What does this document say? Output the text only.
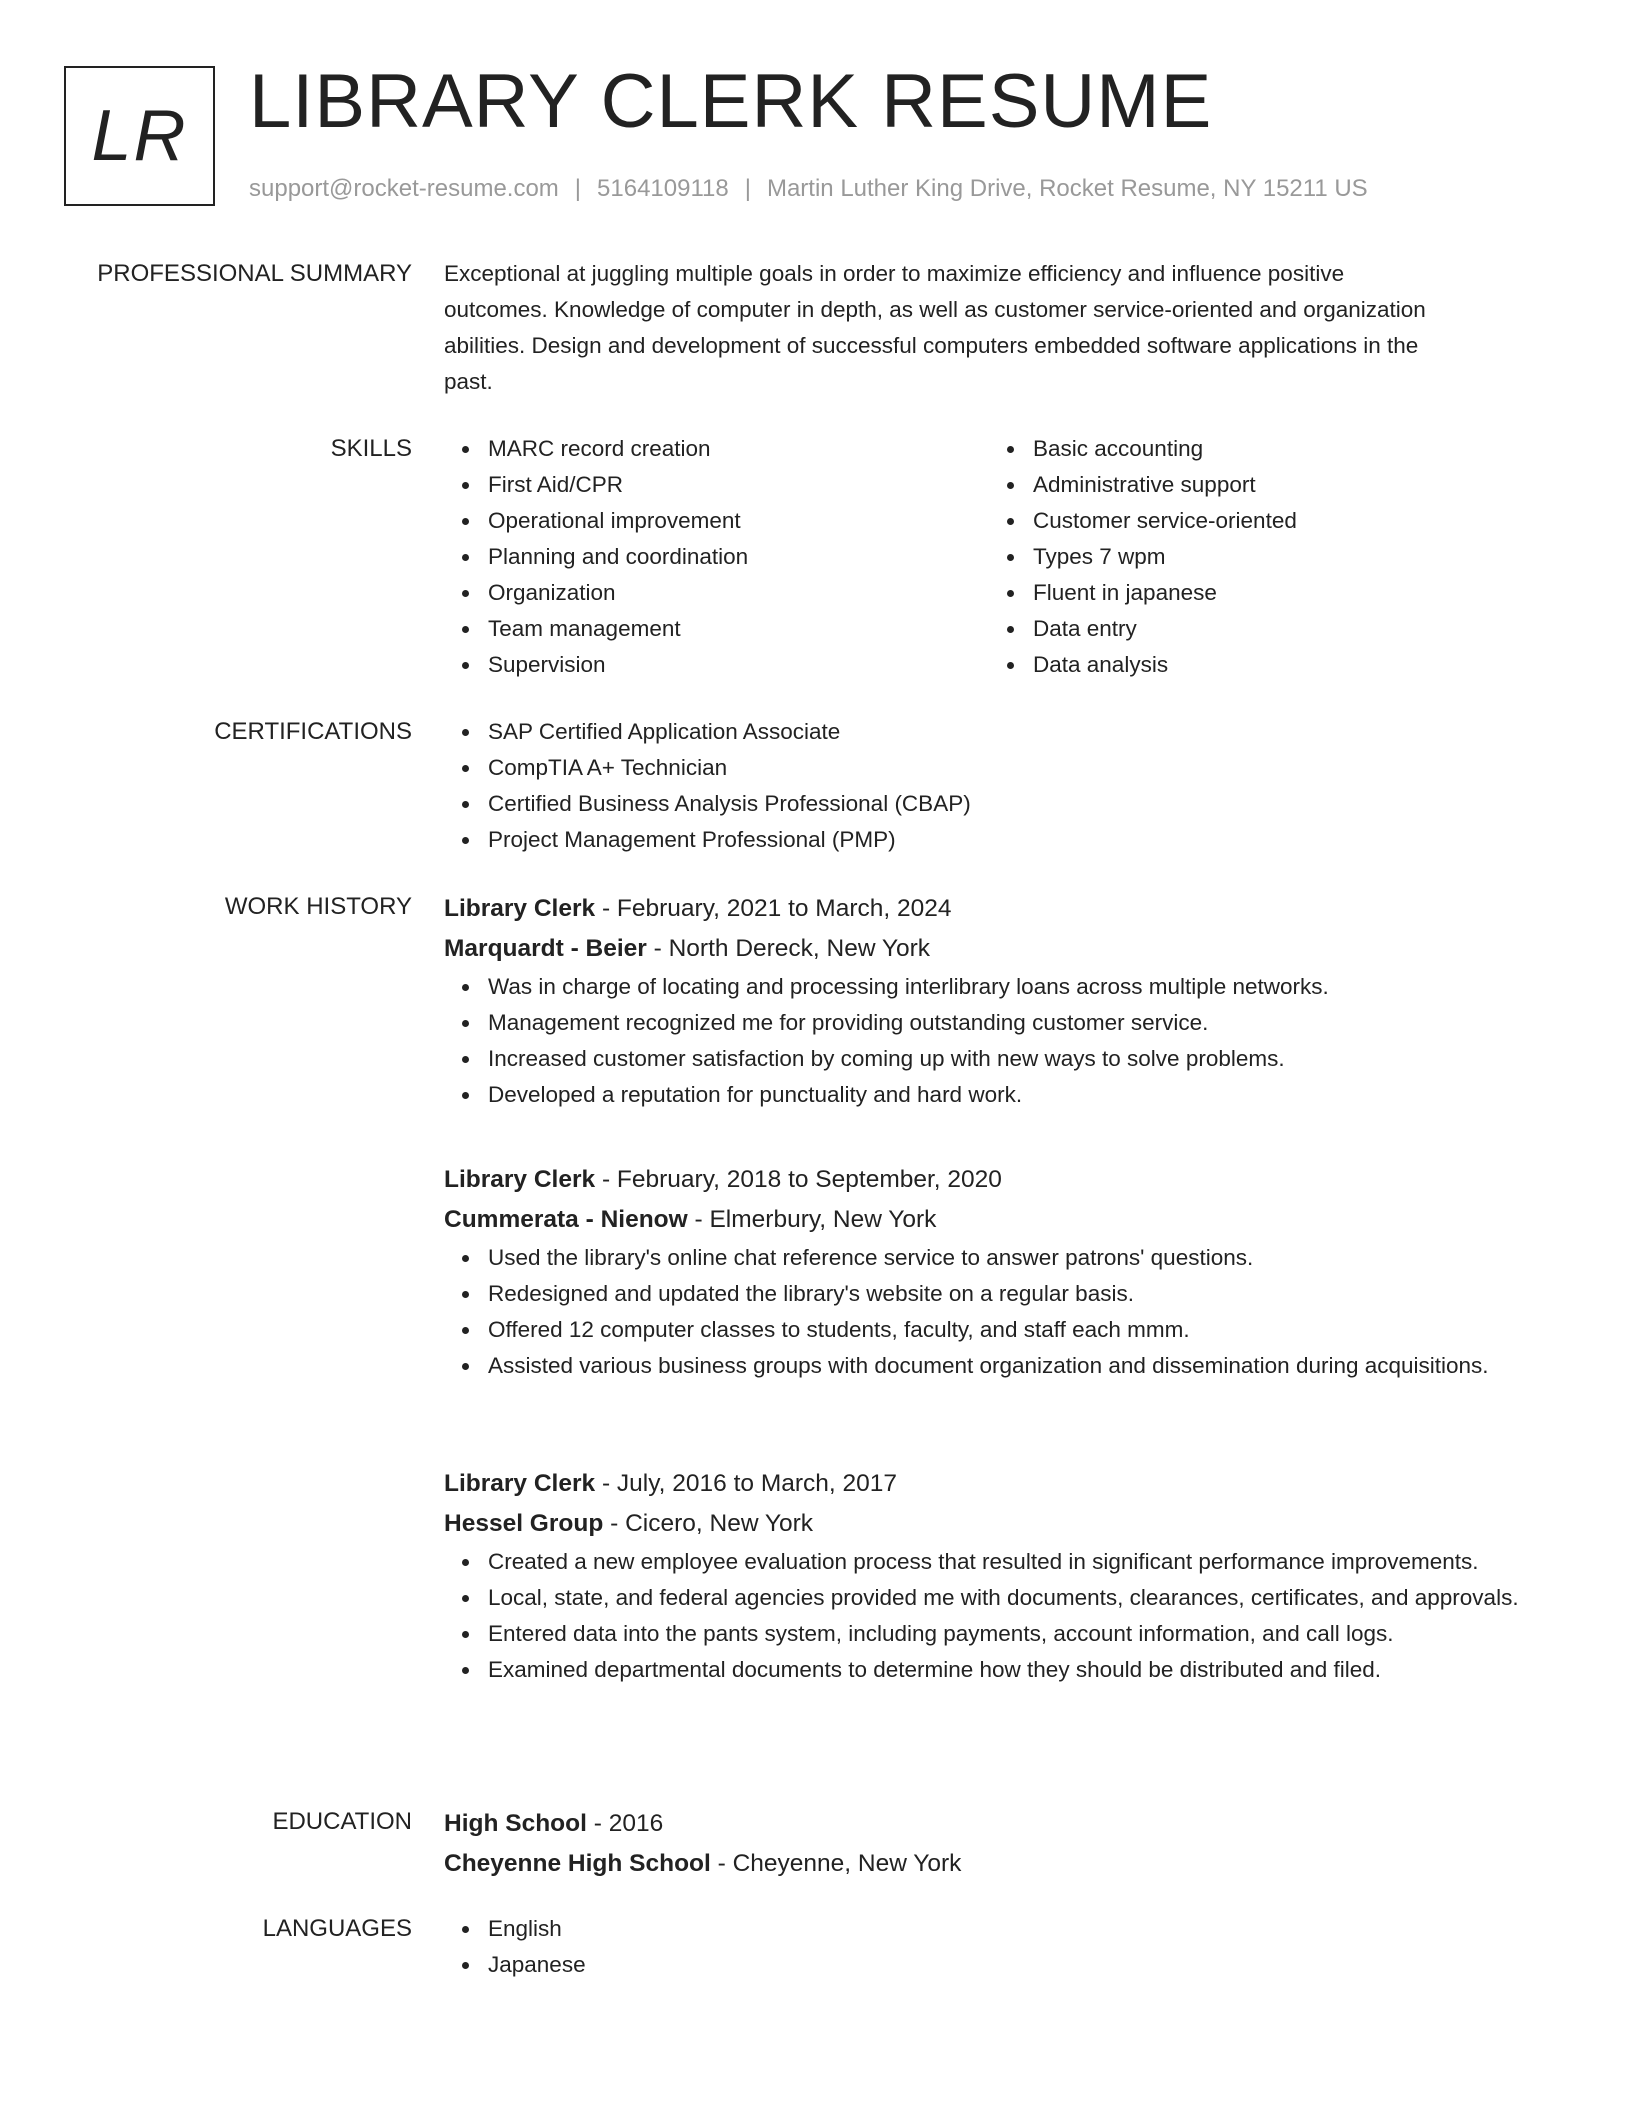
LR LIBRARY CLERK RESUME
support@rocket-resume.com | 5164109118 | Martin Luther King Drive, Rocket Resume, NY 15211 US
PROFESSIONAL SUMMARY Exceptional at juggling multiple goals in order to maximize efficiency and influence positive

outcomes. Knowledge of computer in depth, as well as customer service-oriented and organization

abilities. Design and development of successful computers embedded software applications in the

past.

SKILLS	MARC record creation
First Aid/CPR
Operational improvement
Planning and coordination
Organization
Team management
Supervision
Basic accounting
Administrative support
Customer service-oriented
Types 7 wpm
Fluent in japanese
Data entry
Data analysis
CERTIFICATIONS	SAP Certified Application Associate
CompTIA A+ Technician
Certified Business Analysis Professional (CBAP)
Project Management Professional (PMP)
WORK HISTORY Library Clerk - February, 2021 to March, 2024
Marquardt - Beier - North Dereck, New York
Was in charge of locating and processing interlibrary loans across multiple networks.
Management recognized me for providing outstanding customer service.
Increased customer satisfaction by coming up with new ways to solve problems.
Developed a reputation for punctuality and hard work.
Library Clerk - February, 2018 to September, 2020
Cummerata - Nienow - Elmerbury, New York
Used the library's online chat reference service to answer patrons' questions.
Redesigned and updated the library's website on a regular basis.
Offered 12 computer classes to students, faculty, and staff each mmm.
Assisted various business groups with document organization and dissemination during acquisitions.
Library Clerk - July, 2016 to March, 2017
Hessel Group - Cicero, New York
Created a new employee evaluation process that resulted in significant performance improvements.
Local, state, and federal agencies provided me with documents, clearances, certificates, and approvals.
Entered data into the pants system, including payments, account information, and call logs.
Examined departmental documents to determine how they should be distributed and filed.
EDUCATION High School - 2016
Cheyenne High School - Cheyenne, New York
LANGUAGES	English
Japanese
